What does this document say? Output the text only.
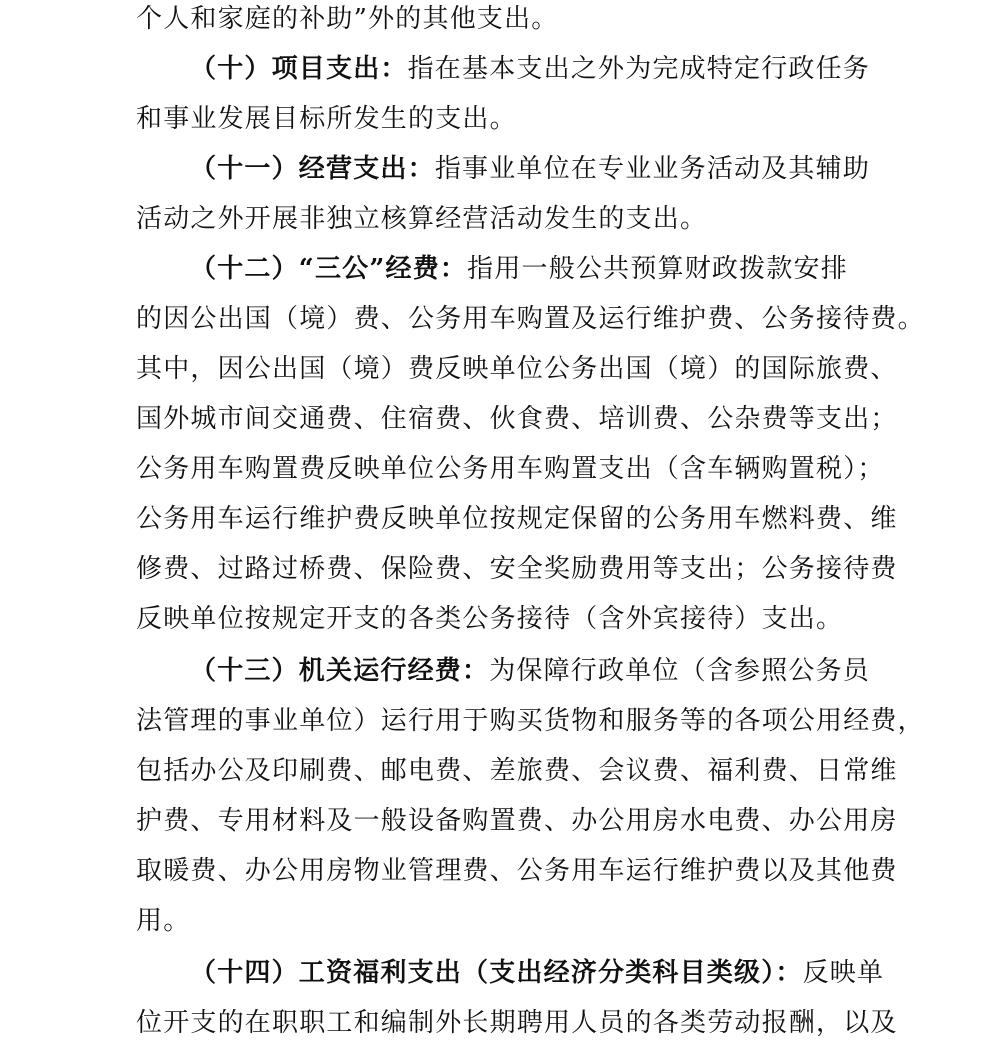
个人和家庭的补助”外的其他支出。
（十）项目支出：指在基本支出之外为完成特定行政任务
和事业发展目标所发生的支出。
（十一）经营支出：指事业单位在专业业务活动及其辅助
活动之外开展非独立核算经营活动发生的支出。
（十二）“三公”经费：指用一般公共预算财政拨款安排
的因公出国（境）费、公务用车购置及运行维护费、公务接待费。
其中，因公出国（境）费反映单位公务出国（境）的国际旅费、
国外城市间交通费、住宿费、伙食费、培训费、公杂费等支出；
公务用车购置费反映单位公务用车购置支出（含车辆购置税）；
公务用车运行维护费反映单位按规定保留的公务用车燃料费、维
修费、过路过桥费、保险费、安全奖励费用等支出；公务接待费
反映单位按规定开支的各类公务接待（含外宾接待）支出。
（十三）机关运行经费：为保障行政单位（含参照公务员
法管理的事业单位）运行用于购买货物和服务等的各项公用经费，
包括办公及印刷费、邮电费、差旅费、会议费、福利费、日常维
护费、专用材料及一般设备购置费、办公用房水电费、办公用房
取暖费、办公用房物业管理费、公务用车运行维护费以及其他费
用。
（十四）工资福利支出（支出经济分类科目类级）：反映单
位开支的在职职工和编制外长期聘用人员的各类劳动报酬，以及
